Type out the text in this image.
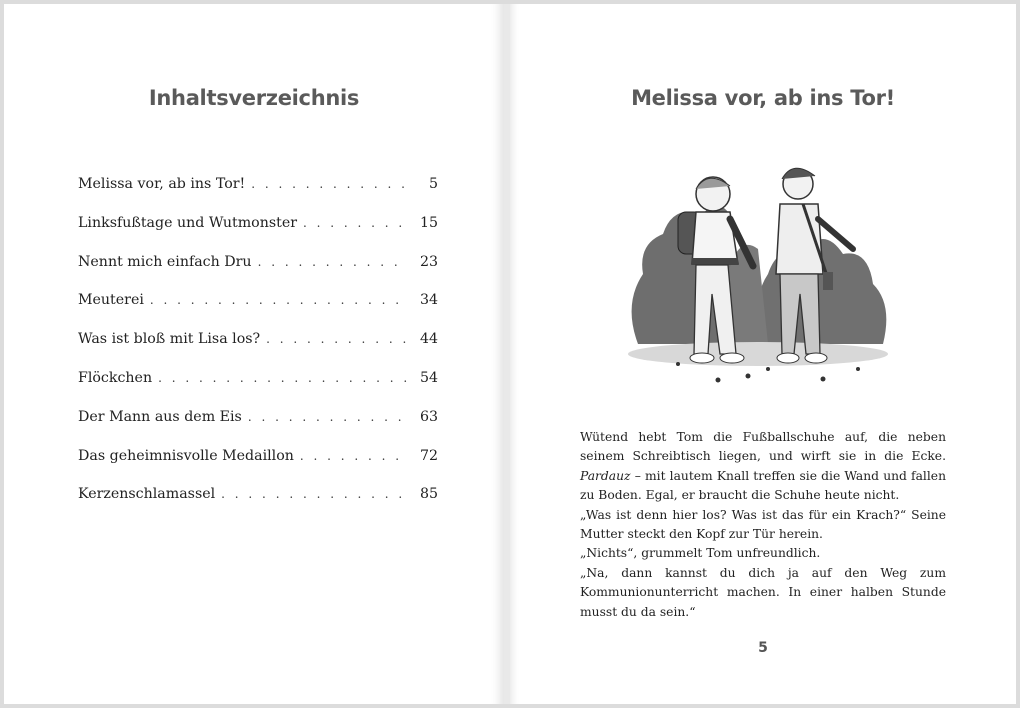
Inhaltsverzeichnis
Melissa vor, ab ins Tor! . . .	5
Linksfußtage und Wutmonster . . .	15
Nennt mich einfach Dru . . .	23
Meuterei . . .	34
Was ist bloß mit Lisa los? . . .	44
Flöckchen . . .	54
Der Mann aus dem Eis . . .	63
Das geheimnisvolle Medaillon . . .	72
Kerzenschlamassel . . .	85
Melissa vor, ab ins Tor!

Wütend hebt Tom die Fußballschuhe auf, die neben seinem Schreibtisch liegen, und wirft sie in die Ecke. Pardauz – mit lautem Knall treffen sie die Wand und fallen zu Boden. Egal, er braucht die Schuhe heute nicht.

„Was ist denn hier los? Was ist das für ein Krach?“ Seine Mutter steckt den Kopf zur Tür herein.

„Nichts“, grummelt Tom unfreundlich.

„Na, dann kannst du dich ja auf den Weg zum Kommunionunterricht machen. In einer halben Stunde musst du da sein.“

5
